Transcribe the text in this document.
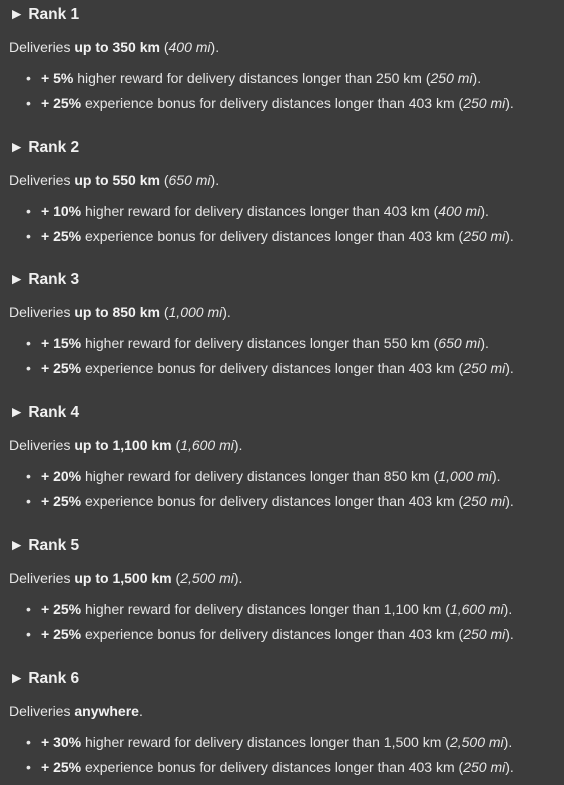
► Rank 1
Deliveries up to 350 km (400 mi).
• + 5% higher reward for delivery distances longer than 250 km (250 mi).
• + 25% experience bonus for delivery distances longer than 403 km (250 mi).
► Rank 2
Deliveries up to 550 km (650 mi).
• + 10% higher reward for delivery distances longer than 403 km (400 mi).
• + 25% experience bonus for delivery distances longer than 403 km (250 mi).
► Rank 3
Deliveries up to 850 km (1,000 mi).
• + 15% higher reward for delivery distances longer than 550 km (650 mi).
• + 25% experience bonus for delivery distances longer than 403 km (250 mi).
► Rank 4
Deliveries up to 1,100 km (1,600 mi).
• + 20% higher reward for delivery distances longer than 850 km (1,000 mi).
• + 25% experience bonus for delivery distances longer than 403 km (250 mi).
► Rank 5
Deliveries up to 1,500 km (2,500 mi).
• + 25% higher reward for delivery distances longer than 1,100 km (1,600 mi).
• + 25% experience bonus for delivery distances longer than 403 km (250 mi).
► Rank 6
Deliveries anywhere.
• + 30% higher reward for delivery distances longer than 1,500 km (2,500 mi).
• + 25% experience bonus for delivery distances longer than 403 km (250 mi).
